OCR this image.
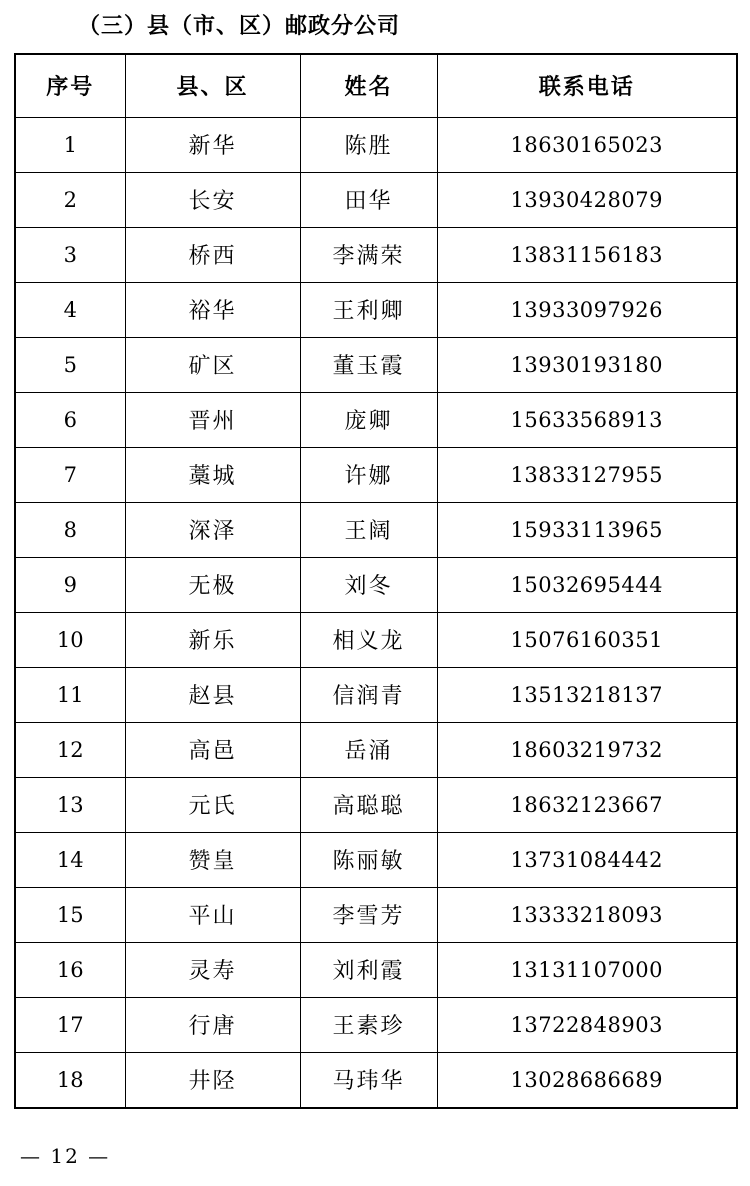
（三）县（市、区）邮政分公司
序号	县、区	姓名	联系电话
1	新华	陈胜	18630165023
2	长安	田华	13930428079
3	桥西	李满荣	13831156183
4	裕华	王利卿	13933097926
5	矿区	董玉霞	13930193180
6	晋州	庞卿	15633568913
7	藁城	许娜	13833127955
8	深泽	王阔	15933113965
9	无极	刘冬	15032695444
10	新乐	相义龙	15076160351
11	赵县	信润青	13513218137
12	高邑	岳涌	18603219732
13	元氏	高聪聪	18632123667
14	赞皇	陈丽敏	13731084442
15	平山	李雪芳	13333218093
16	灵寿	刘利霞	13131107000
17	行唐	王素珍	13722848903
18	井陉	马玮华	13028686689
— 12 —
